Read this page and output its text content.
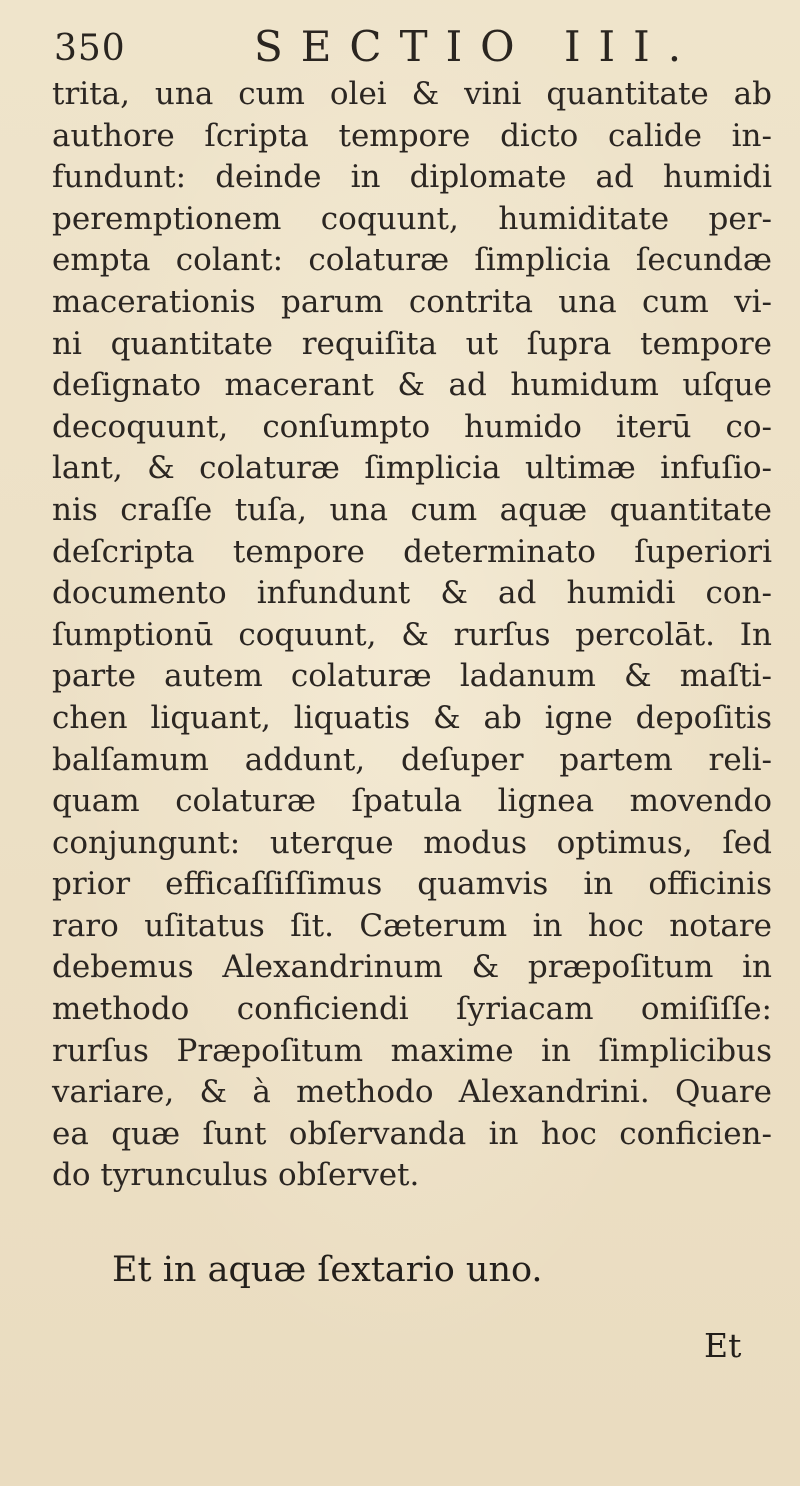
350	SECTIO III.
trita, una cum olei & vini quantitate ab
authore ſcripta tempore dicto calide in-
fundunt: deinde in diplomate ad humidi
peremptionem coquunt, humiditate per-
empta colant: colaturæ ſimplicia ſecundæ
macerationis parum contrita una cum vi-
ni quantitate requiſita ut ſupra tempore
deſignato macerant & ad humidum uſque
decoquunt, conſumpto humido iterū co-
lant, & colaturæ ſimplicia ultimæ infuſio-
nis craſſe tuſa, una cum aquæ quantitate
deſcripta tempore determinato ſuperiori
documento infundunt & ad humidi con-
ſumptionū coquunt, & rurſus percolāt. In
parte autem colaturæ ladanum & maſti-
chen liquant, liquatis & ab igne depoſitis
balſamum addunt, deſuper partem reli-
quam colaturæ ſpatula lignea movendo
conjungunt: uterque modus optimus, ſed
prior efficaſſiſſimus quamvis in officinis
raro uſitatus ſit. Cæterum in hoc notare
debemus Alexandrinum & præpoſitum in
methodo conficiendi ſyriacam omiſiſſe:
rurſus Præpoſitum maxime in ſimplicibus
variare, & à methodo Alexandrini. Quare
ea quæ ſunt obſervanda in hoc conficien-
do tyrunculus obſervet.
Et in aquæ ſextario uno.
Et
